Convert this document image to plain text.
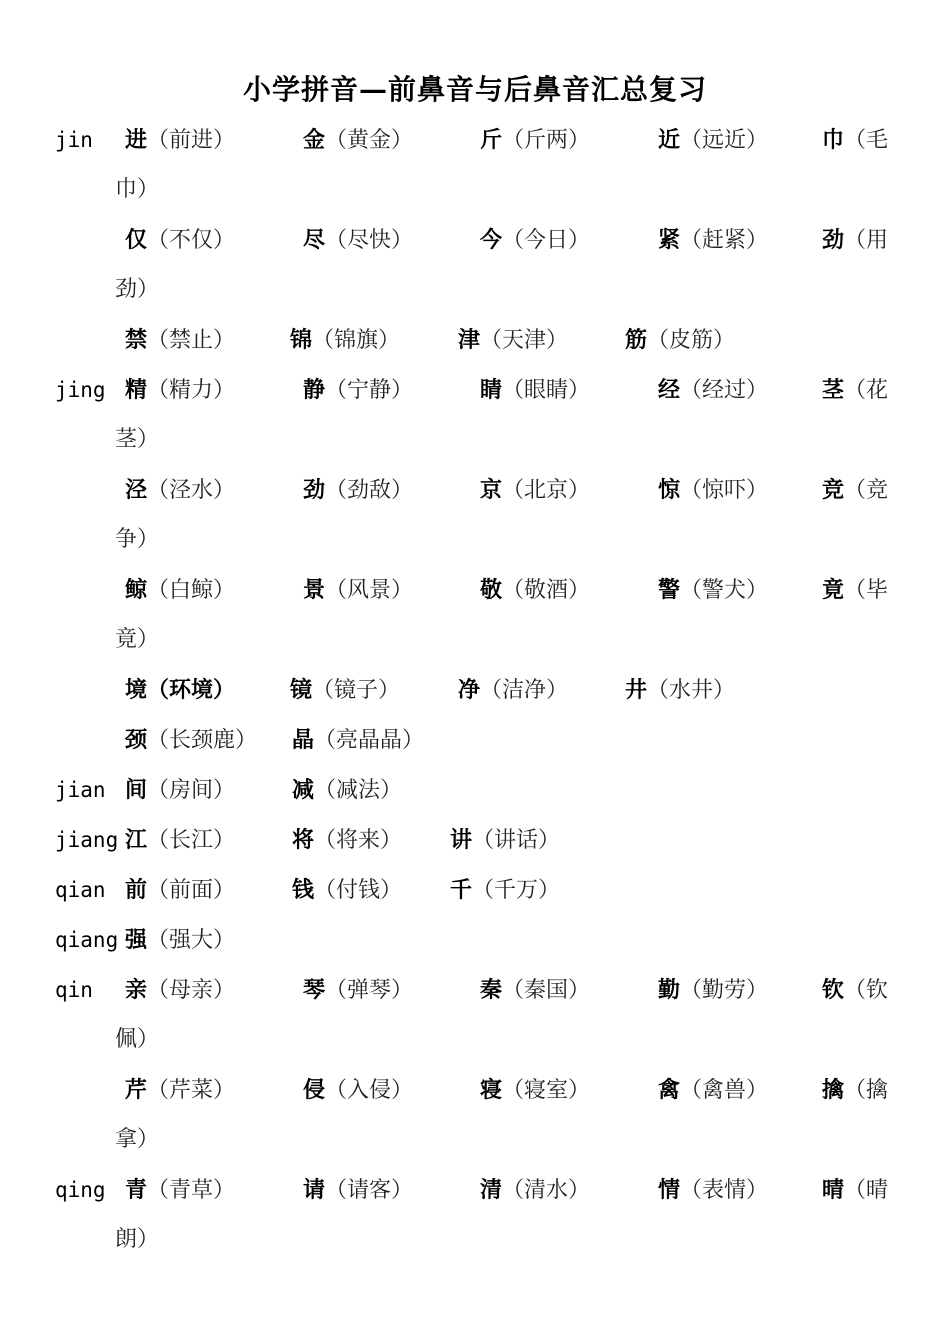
小学拼音—前鼻音与后鼻音汇总复习
jin 进（前进）	金（黄金）	斤（斤两）	近（远近） 巾（毛
巾）
仅（不仅）	尽（尽快）	今（今日）	紧（赶紧） 劲（用
劲）
禁（禁止） 锦（锦旗）	津（天津）	筋（皮筋）
jing 精（精力）	静（宁静）	睛（眼睛）	经（经过） 茎（花
茎）
泾（泾水）	劲（劲敌）	京（北京）	惊（惊吓） 竞（竞
争）
鲸（白鲸）	景（风景）	敬（敬酒）	警（警犬） 竟（毕
竟）
境（环境） 镜（镜子）	净（洁净）	井（水井）
颈（长颈鹿） 晶（亮晶晶）
jian 间（房间）	减（减法）
jiang 江（长江）	将（将来） 讲（讲话）
qian 前（前面）	钱（付钱） 千（千万）
qiang 强（强大）
qin 亲（母亲）	琴（弹琴）	秦（秦国）	勤（勤劳） 钦（钦
佩）
芹（芹菜）	侵（入侵）	寝（寝室）	禽（禽兽） 擒（擒
拿）
qing 青（青草）	请（请客）	清（清水）	情（表情） 晴（晴
朗）
